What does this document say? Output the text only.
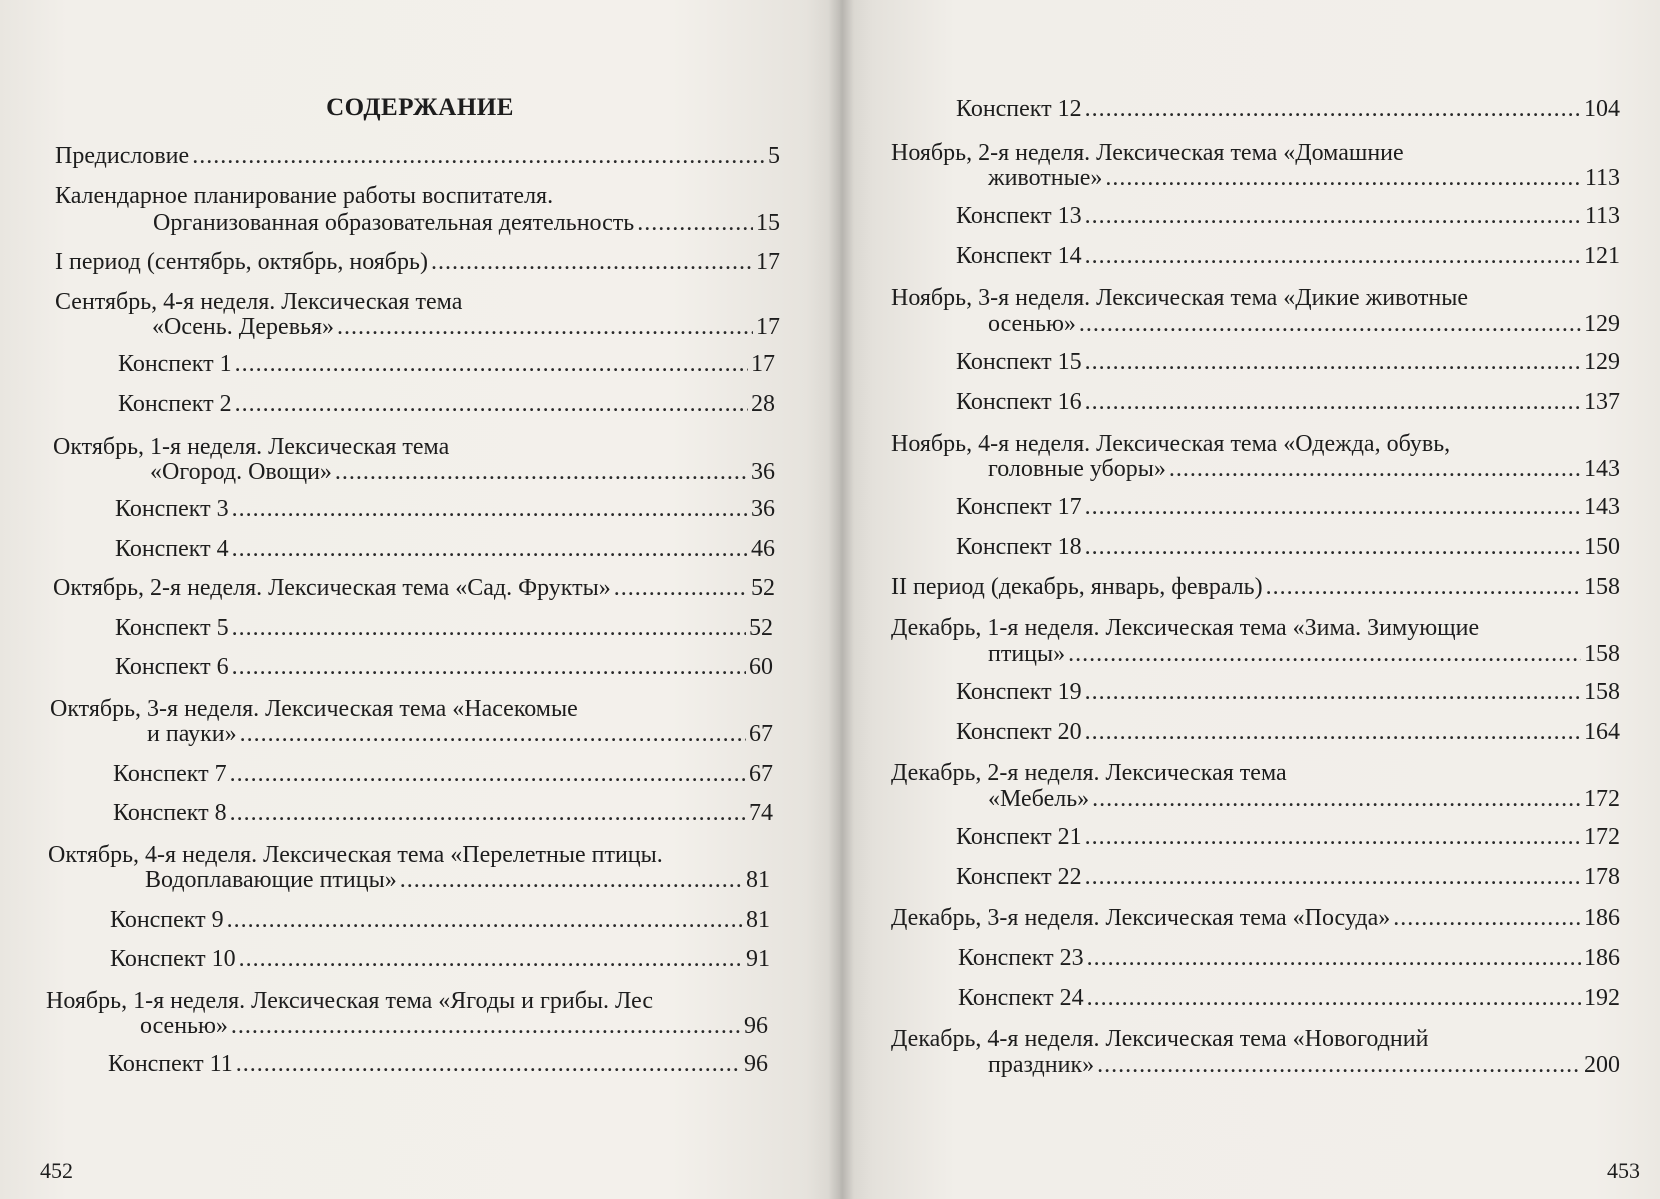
СОДЕРЖАНИЕ
Предисловие .....	5
Календарное планирование работы воспитателя.
Организованная образовательная деятельность .....	15
I период (сентябрь, октябрь, ноябрь) .....	17
Сентябрь, 4-я неделя. Лексическая тема
«Осень. Деревья» .....	17
Конспект 1 .....	17
Конспект 2 .....	28
Октябрь, 1-я неделя. Лексическая тема
«Огород. Овощи» .....	36
Конспект 3 .....	36
Конспект 4 .....	46
Октябрь, 2-я неделя. Лексическая тема «Сад. Фрукты» .....	52
Конспект 5 .....	52
Конспект 6 .....	60
Октябрь, 3-я неделя. Лексическая тема «Насекомые
и пауки» .....	67
Конспект 7 .....	67
Конспект 8 .....	74
Октябрь, 4-я неделя. Лексическая тема «Перелетные птицы.
Водоплавающие птицы» .....	81
Конспект 9 .....	81
Конспект 10 .....	91
Ноябрь, 1-я неделя. Лексическая тема «Ягоды и грибы. Лес
осенью» .....	96
Конспект 11 .....	96
452
Конспект 12 .....	104
Ноябрь, 2-я неделя. Лексическая тема «Домашние
животные» .....	113
Конспект 13 .....	113
Конспект 14 .....	121
Ноябрь, 3-я неделя. Лексическая тема «Дикие животные
осенью» .....	129
Конспект 15 .....	129
Конспект 16 .....	137
Ноябрь, 4-я неделя. Лексическая тема «Одежда, обувь,
головные уборы» .....	143
Конспект 17 .....	143
Конспект 18 .....	150
II период (декабрь, январь, февраль) .....	158
Декабрь, 1-я неделя. Лексическая тема «Зима. Зимующие
птицы» .....	158
Конспект 19 .....	158
Конспект 20 .....	164
Декабрь, 2-я неделя. Лексическая тема
«Мебель» .....	172
Конспект 21 .....	172
Конспект 22 .....	178
Декабрь, 3-я неделя. Лексическая тема «Посуда» .....	186
Конспект 23 .....	186
Конспект 24 .....	192
Декабрь, 4-я неделя. Лексическая тема «Новогодний
праздник» .....	200
453
